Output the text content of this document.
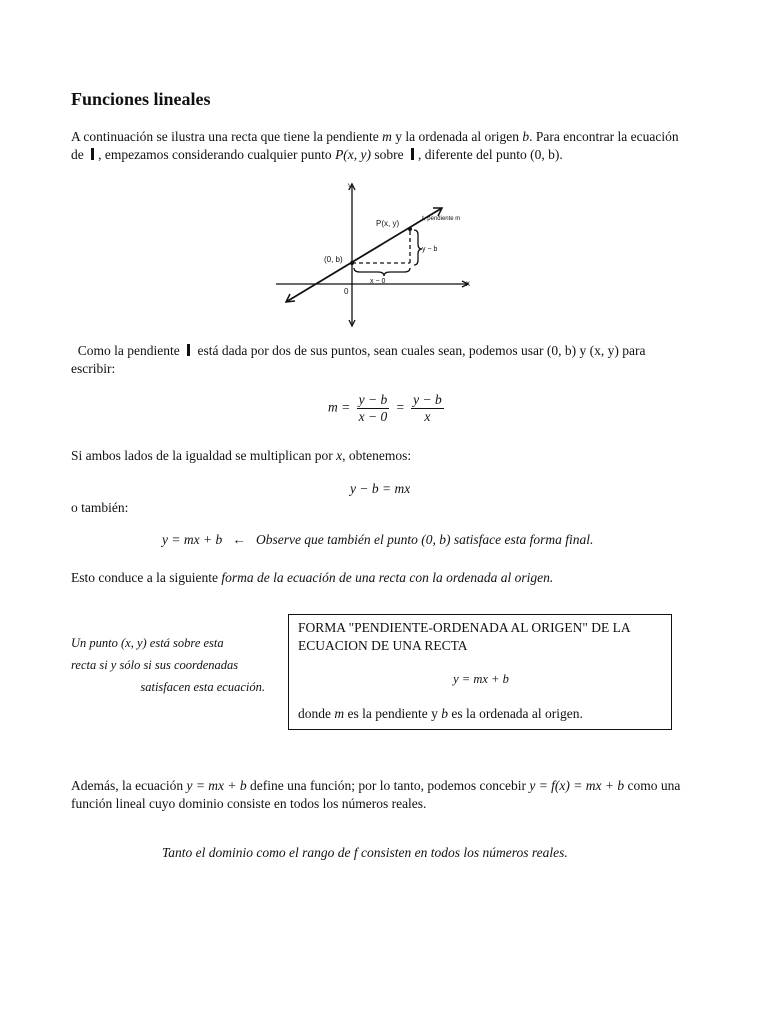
Funciones lineales
A continuación se ilustra una recta que tiene la pendiente m y la ordenada al origen b. Para encontrar la ecuación
de , empezamos considerando cualquier punto P(x, y) sobre , diferente del punto (0, b).
y
x
P(x, y)	ℓ, pendiente m
(0, b)
y − b
x − 0
0
Como la pendiente  está dada por dos de sus puntos, sean cuales sean, podemos usar (0, b) y (x, y) para
escribir:
$m = \frac{y - b}{x - 0} = \frac{y - b}{x}$
Si ambos lados de la igualdad se multiplican por x, obtenemos:
y − b = mx
o también:
y = mx + b ← Observe que también el punto (0, b) satisface esta forma final.
Esto conduce a la siguiente forma de la ecuación de una recta con la ordenada al origen.
Un punto (x, y) está sobre esta
recta si y sólo si sus coordenadas
satisfacen esta ecuación.
FORMA "PENDIENTE-ORDENADA AL ORIGEN" DE LA
ECUACION DE UNA RECTA
y = mx + b
donde m es la pendiente y b es la ordenada al origen.
Además, la ecuación y = mx + b define una función; por lo tanto, podemos concebir y = f(x) = mx + b como una
función lineal cuyo dominio consiste en todos los números reales.
Tanto el dominio como el rango de f consisten en todos los números reales.
